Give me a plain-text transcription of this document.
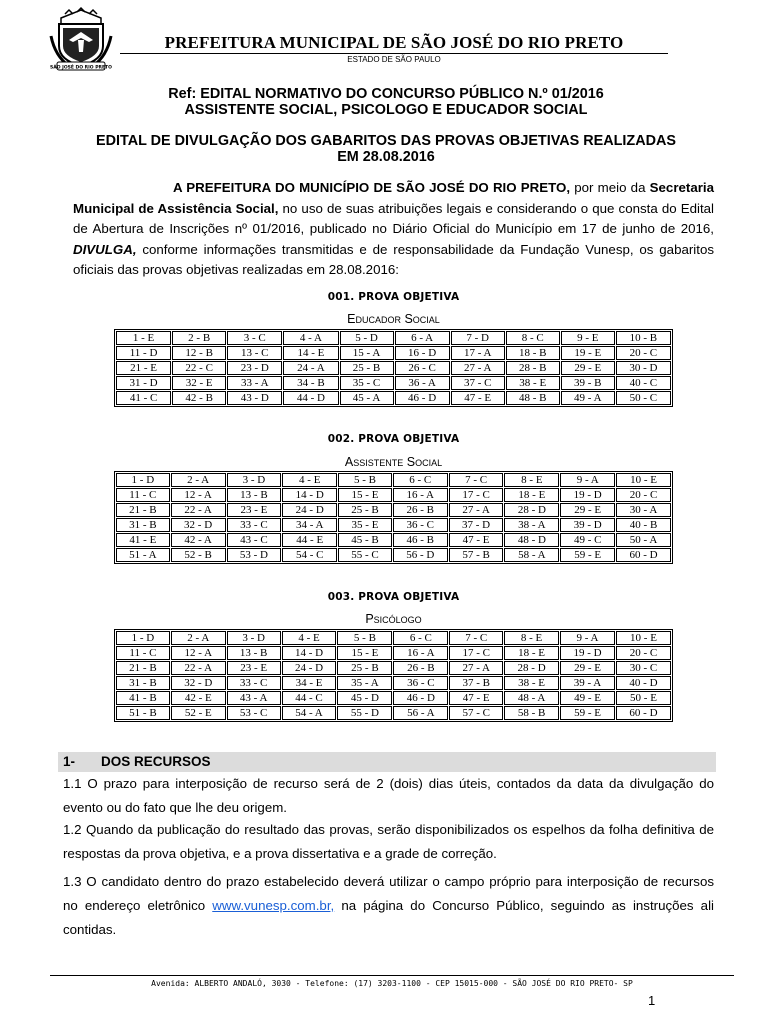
SÃO JOSÉ DO RIO PRETO
PREFEITURA MUNICIPAL DE SÃO JOSÉ DO RIO PRETO
ESTADO DE SÃO PAULO
Ref: EDITAL NORMATIVO DO CONCURSO PÚBLICO N.º 01/2016
ASSISTENTE SOCIAL, PSICOLOGO E EDUCADOR SOCIAL
EDITAL DE DIVULGAÇÃO DOS GABARITOS DAS PROVAS OBJETIVAS REALIZADAS
EM 28.08.2016
A PREFEITURA DO MUNICÍPIO DE SÃO JOSÉ DO RIO PRETO, por meio da Secretaria Municipal de Assistência Social, no uso de suas atribuições legais e considerando o que consta do Edital de Abertura de Inscrições nº 01/2016, publicado no Diário Oficial do Município em 17 de junho de 2016, DIVULGA, conforme informações transmitidas e de responsabilidade da Fundação Vunesp, os gabaritos oficiais das provas objetivas realizadas em 28.08.2016:
001. PROVA OBJETIVA
Educador Social
1 - E	2 - B	3 - C	4 - A	5 - D	6 - A	7 - D	8 - C	9 - E	10 - B
11 - D	12 - B	13 - C	14 - E	15 - A	16 - D	17 - A	18 - B	19 - E	20 - C
21 - E	22 - C	23 - D	24 - A	25 - B	26 - C	27 - A	28 - B	29 - E	30 - D
31 - D	32 - E	33 - A	34 - B	35 - C	36 - A	37 - C	38 - E	39 - B	40 - C
41 - C	42 - B	43 - D	44 - D	45 - A	46 - D	47 - E	48 - B	49 - A	50 - C
002. PROVA OBJETIVA
Assistente Social
1 - D	2 - A	3 - D	4 - E	5 - B	6 - C	7 - C	8 - E	9 - A	10 - E
11 - C	12 - A	13 - B	14 - D	15 - E	16 - A	17 - C	18 - E	19 - D	20 - C
21 - B	22 - A	23 - E	24 - D	25 - B	26 - B	27 - A	28 - D	29 - E	30 - A
31 - B	32 - D	33 - C	34 - A	35 - E	36 - C	37 - D	38 - A	39 - D	40 - B
41 - E	42 - A	43 - C	44 - E	45 - B	46 - B	47 - E	48 - D	49 - C	50 - A
51 - A	52 - B	53 - D	54 - C	55 - C	56 - D	57 - B	58 - A	59 - E	60 - D
003. PROVA OBJETIVA
Psicólogo
1 - D	2 - A	3 - D	4 - E	5 - B	6 - C	7 - C	8 - E	9 - A	10 - E
11 - C	12 - A	13 - B	14 - D	15 - E	16 - A	17 - C	18 - E	19 - D	20 - C
21 - B	22 - A	23 - E	24 - D	25 - B	26 - B	27 - A	28 - D	29 - E	30 - C
31 - B	32 - D	33 - C	34 - E	35 - A	36 - C	37 - B	38 - E	39 - A	40 - D
41 - B	42 - E	43 - A	44 - C	45 - D	46 - D	47 - E	48 - A	49 - E	50 - E
51 - B	52 - E	53 - C	54 - A	55 - D	56 - A	57 - C	58 - B	59 - E	60 - D
1- DOS RECURSOS
1.1 O prazo para interposição de recurso será de 2 (dois) dias úteis, contados da data da divulgação do evento ou do fato que lhe deu origem.
1.2 Quando da publicação do resultado das provas, serão disponibilizados os espelhos da folha definitiva de respostas da prova objetiva, e a prova dissertativa e a grade de correção.
1.3 O candidato dentro do prazo estabelecido deverá utilizar o campo próprio para interposição de recursos no endereço eletrônico www.vunesp.com.br, na página do Concurso Público, seguindo as instruções ali contidas.
Avenida: ALBERTO ANDALÓ, 3030 - Telefone: (17) 3203-1100 - CEP 15015-000 - SÃO JOSÉ DO RIO PRETO- SP
1
